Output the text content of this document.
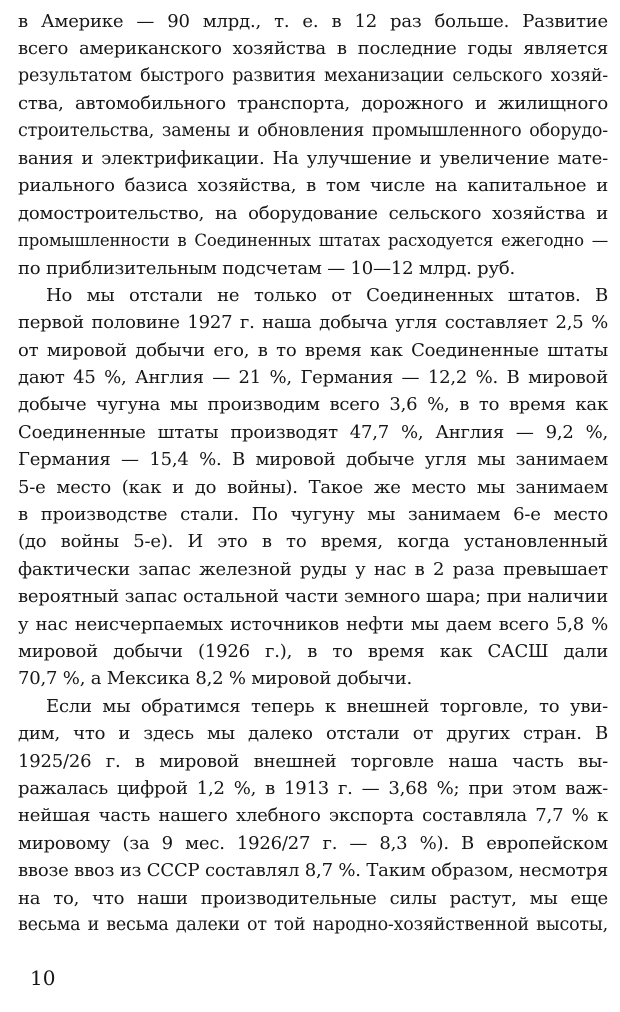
в Америке — 90 млрд., т. е. в 12 раз больше. Развитие
всего американского хозяйства в последние годы является
результатом быстрого развития механизации сельского хозяй-
ства, автомобильного транспорта, дорожного и жилищного
строительства, замены и обновления промышленного оборудо-
вания и электрификации. На улучшение и увеличение мате-
риального базиса хозяйства, в том числе на капитальное и
домостроительство, на оборудование сельского хозяйства и
промышленности в Соединенных штатах расходуется ежегодно —
по приблизительным подсчетам — 10—12 млрд. руб.
Но мы отстали не только от Соединенных штатов. В
первой половине 1927 г. наша добыча угля составляет 2,5 %
от мировой добычи его, в то время как Соединенные штаты
дают 45 %, Англия — 21 %, Германия — 12,2 %. В мировой
добыче чугуна мы производим всего 3,6 %, в то время как
Соединенные штаты производят 47,7 %, Англия — 9,2 %,
Германия — 15,4 %. В мировой добыче угля мы занимаем
5-е место (как и до войны). Такое же место мы занимаем
в производстве стали. По чугуну мы занимаем 6-е место
(до войны 5-е). И это в то время, когда установленный
фактически запас железной руды у нас в 2 раза превышает
вероятный запас остальной части земного шара; при наличии
у нас неисчерпаемых источников нефти мы даем всего 5,8 %
мировой добычи (1926 г.), в то время как САСШ дали
70,7 %, а Мексика 8,2 % мировой добычи.
Если мы обратимся теперь к внешней торговле, то уви-
дим, что и здесь мы далеко отстали от других стран. В
1925/26 г. в мировой внешней торговле наша часть вы-
ражалась цифрой 1,2 %, в 1913 г. — 3,68 %; при этом важ-
нейшая часть нашего хлебного экспорта составляла 7,7 % к
мировому (за 9 мес. 1926/27 г. — 8,3 %). В европейском
ввозе ввоз из СССР составлял 8,7 %. Таким образом, несмотря
на то, что наши производительные силы растут, мы еще
весьма и весьма далеки от той народно-хозяйственной высоты,
10
